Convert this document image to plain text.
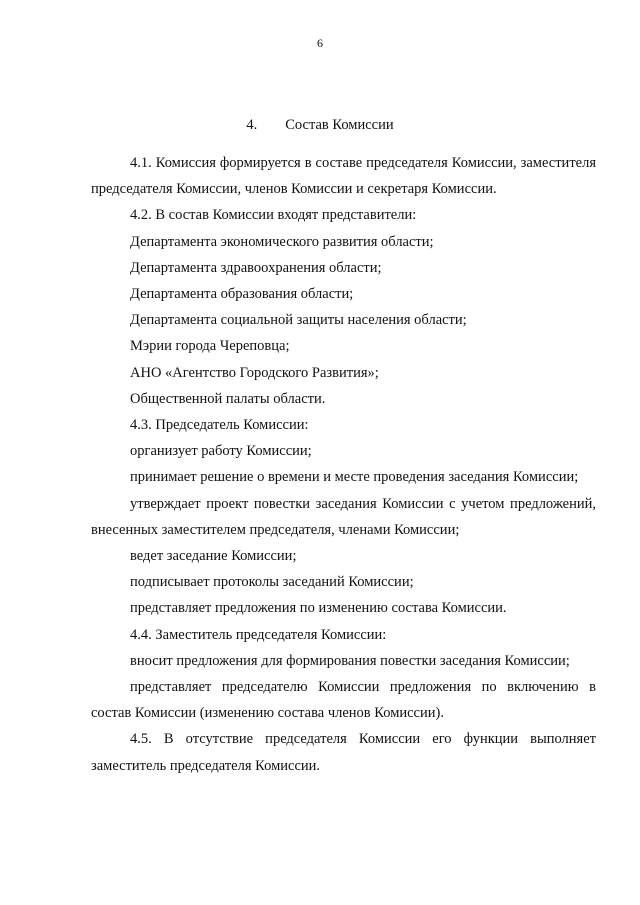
6
4. Состав Комиссии

4.1. Комиссия формируется в составе председателя Комиссии, заместителя председателя Комиссии, членов Комиссии и секретаря Комиссии.

4.2. В состав Комиссии входят представители:

Департамента экономического развития области;

Департамента здравоохранения области;

Департамента образования области;

Департамента социальной защиты населения области;

Мэрии города Череповца;

АНО «Агентство Городского Развития»;

Общественной палаты области.

4.3. Председатель Комиссии:

организует работу Комиссии;

принимает решение о времени и месте проведения заседания Комиссии;

утверждает проект повестки заседания Комиссии с учетом предложений, внесенных заместителем председателя, членами Комиссии;

ведет заседание Комиссии;

подписывает протоколы заседаний Комиссии;

представляет предложения по изменению состава Комиссии.

4.4. Заместитель председателя Комиссии:

вносит предложения для формирования повестки заседания Комиссии;

представляет председателю Комиссии предложения по включению в состав Комиссии (изменению состава членов Комиссии).

4.5. В отсутствие председателя Комиссии его функции выполняет заместитель председателя Комиссии.
